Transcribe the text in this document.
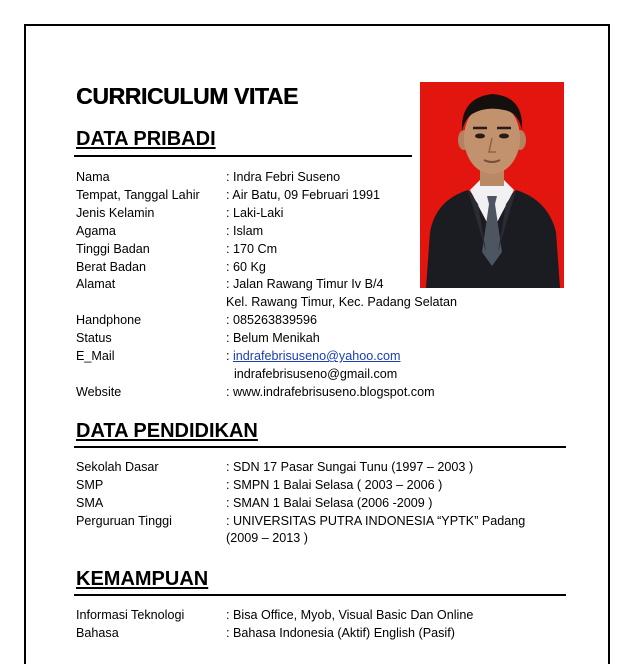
CURRICULUM VITAE
DATA PRIBADI
Nama	: Indra Febri Suseno
Tempat, Tanggal Lahir : Air Batu, 09 Februari 1991
Jenis Kelamin	: Laki-Laki
Agama	: Islam
Tinggi Badan	: 170 Cm
Berat Badan	: 60 Kg
Alamat	: Jalan Rawang Timur Iv B/4
Kel. Rawang Timur, Kec. Padang Selatan
Handphone	: 085263839596
Status	: Belum Menikah
E_Mail	: indrafebrisuseno@yahoo.com
indrafebrisuseno@gmail.com
Website	: www.indrafebrisuseno.blogspot.com
DATA PENDIDIKAN
Sekolah Dasar	: SDN 17 Pasar Sungai Tunu (1997 – 2003 )
SMP	: SMPN 1 Balai Selasa ( 2003 – 2006 )
SMA	: SMAN 1 Balai Selasa (2006 -2009 )
Perguruan Tinggi	: UNIVERSITAS PUTRA INDONESIA “YPTK” Padang
(2009 – 2013 )
KEMAMPUAN
Informasi Teknologi	: Bisa Office, Myob, Visual Basic Dan Online
Bahasa	: Bahasa Indonesia (Aktif) English (Pasif)
